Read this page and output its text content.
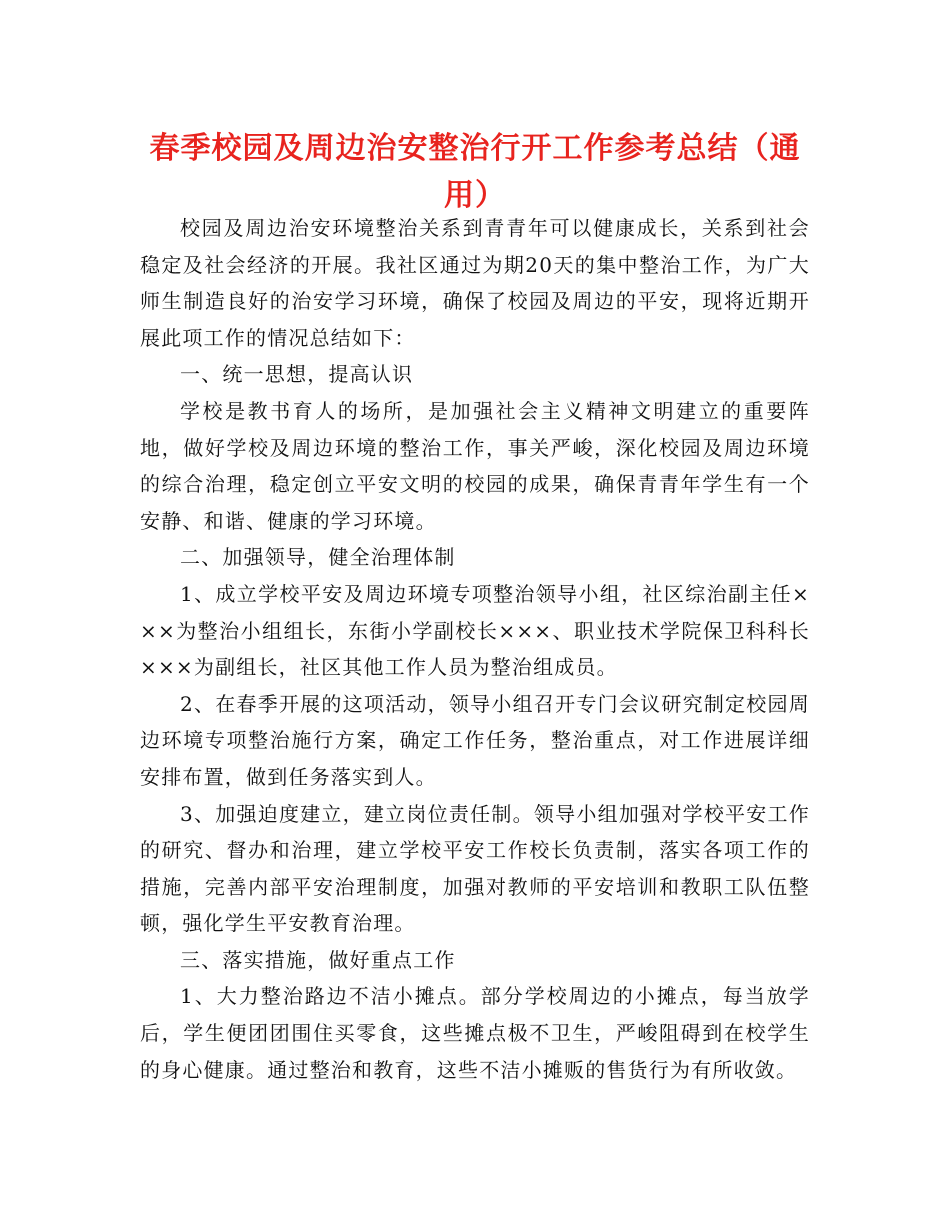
春季校园及周边治安整治行开工作参考总结（通用）

校园及周边治安环境整治关系到青青年可以健康成长，关系到社会稳定及社会经济的开展。我社区通过为期20天的集中整治工作，为广大师生制造良好的治安学习环境，确保了校园及周边的平安，现将近期开展此项工作的情况总结如下：

一、统一思想，提高认识

学校是教书育人的场所，是加强社会主义精神文明建立的重要阵地，做好学校及周边环境的整治工作，事关严峻，深化校园及周边环境的综合治理，稳定创立平安文明的校园的成果，确保青青年学生有一个安静、和谐、健康的学习环境。

二、加强领导，健全治理体制

1、成立学校平安及周边环境专项整治领导小组，社区综治副主任×××为整治小组组长，东街小学副校长×××、职业技术学院保卫科科长×××为副组长，社区其他工作人员为整治组成员。

2、在春季开展的这项活动，领导小组召开专门会议研究制定校园周边环境专项整治施行方案，确定工作任务，整治重点，对工作进展详细安排布置，做到任务落实到人。

3、加强迫度建立，建立岗位责任制。领导小组加强对学校平安工作的研究、督办和治理，建立学校平安工作校长负责制，落实各项工作的措施，完善内部平安治理制度，加强对教师的平安培训和教职工队伍整顿，强化学生平安教育治理。

三、落实措施，做好重点工作

1、大力整治路边不洁小摊点。部分学校周边的小摊点，每当放学后，学生便团团围住买零食，这些摊点极不卫生，严峻阻碍到在校学生的身心健康。通过整治和教育，这些不洁小摊贩的售货行为有所收敛。
